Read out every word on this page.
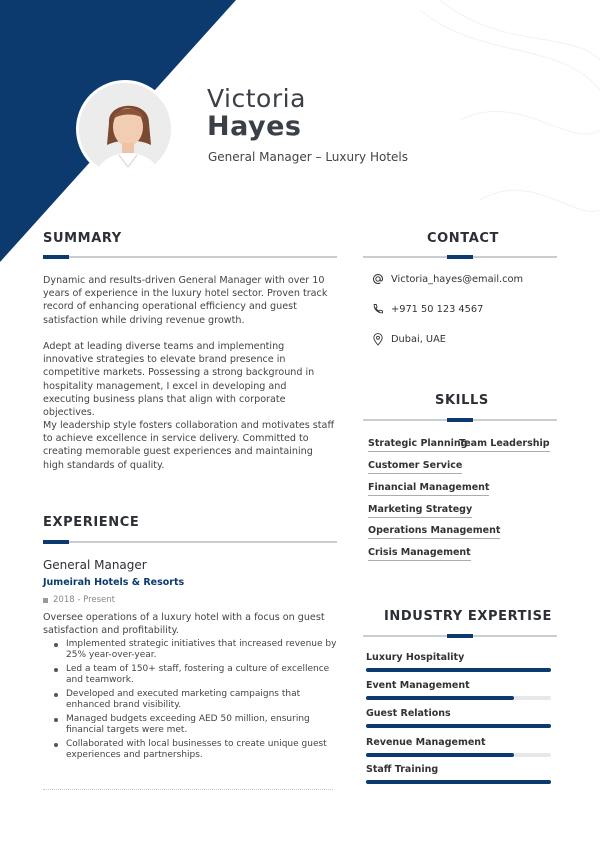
Victoria
Hayes
General Manager – Luxury Hotels
SUMMARY
Dynamic and results-driven General Manager with over 10 years of experience in the luxury hotel sector. Proven track record of enhancing operational efficiency and guest satisfaction while driving revenue growth.
Adept at leading diverse teams and implementing innovative strategies to elevate brand presence in competitive markets. Possessing a strong background in hospitality management, I excel in developing and executing business plans that align with corporate objectives.
My leadership style fosters collaboration and motivates staff to achieve excellence in service delivery. Committed to creating memorable guest experiences and maintaining high standards of quality.
CONTACT
Victoria_hayes@email.com
+971 50 123 4567
Dubai, UAE
SKILLS
Strategic Planning
Team Leadership
Customer Service
Financial Management
Marketing Strategy
Operations Management
Crisis Management
EXPERIENCE
General Manager
Jumeirah Hotels & Resorts
2018 - Present
Oversee operations of a luxury hotel with a focus on guest satisfaction and profitability.
Implemented strategic initiatives that increased revenue by 25% year-over-year.
Led a team of 150+ staff, fostering a culture of excellence and teamwork.
Developed and executed marketing campaigns that enhanced brand visibility.
Managed budgets exceeding AED 50 million, ensuring financial targets were met.
Collaborated with local businesses to create unique guest experiences and partnerships.
INDUSTRY EXPERTISE
Luxury Hospitality
Event Management
Guest Relations
Revenue Management
Staff Training
